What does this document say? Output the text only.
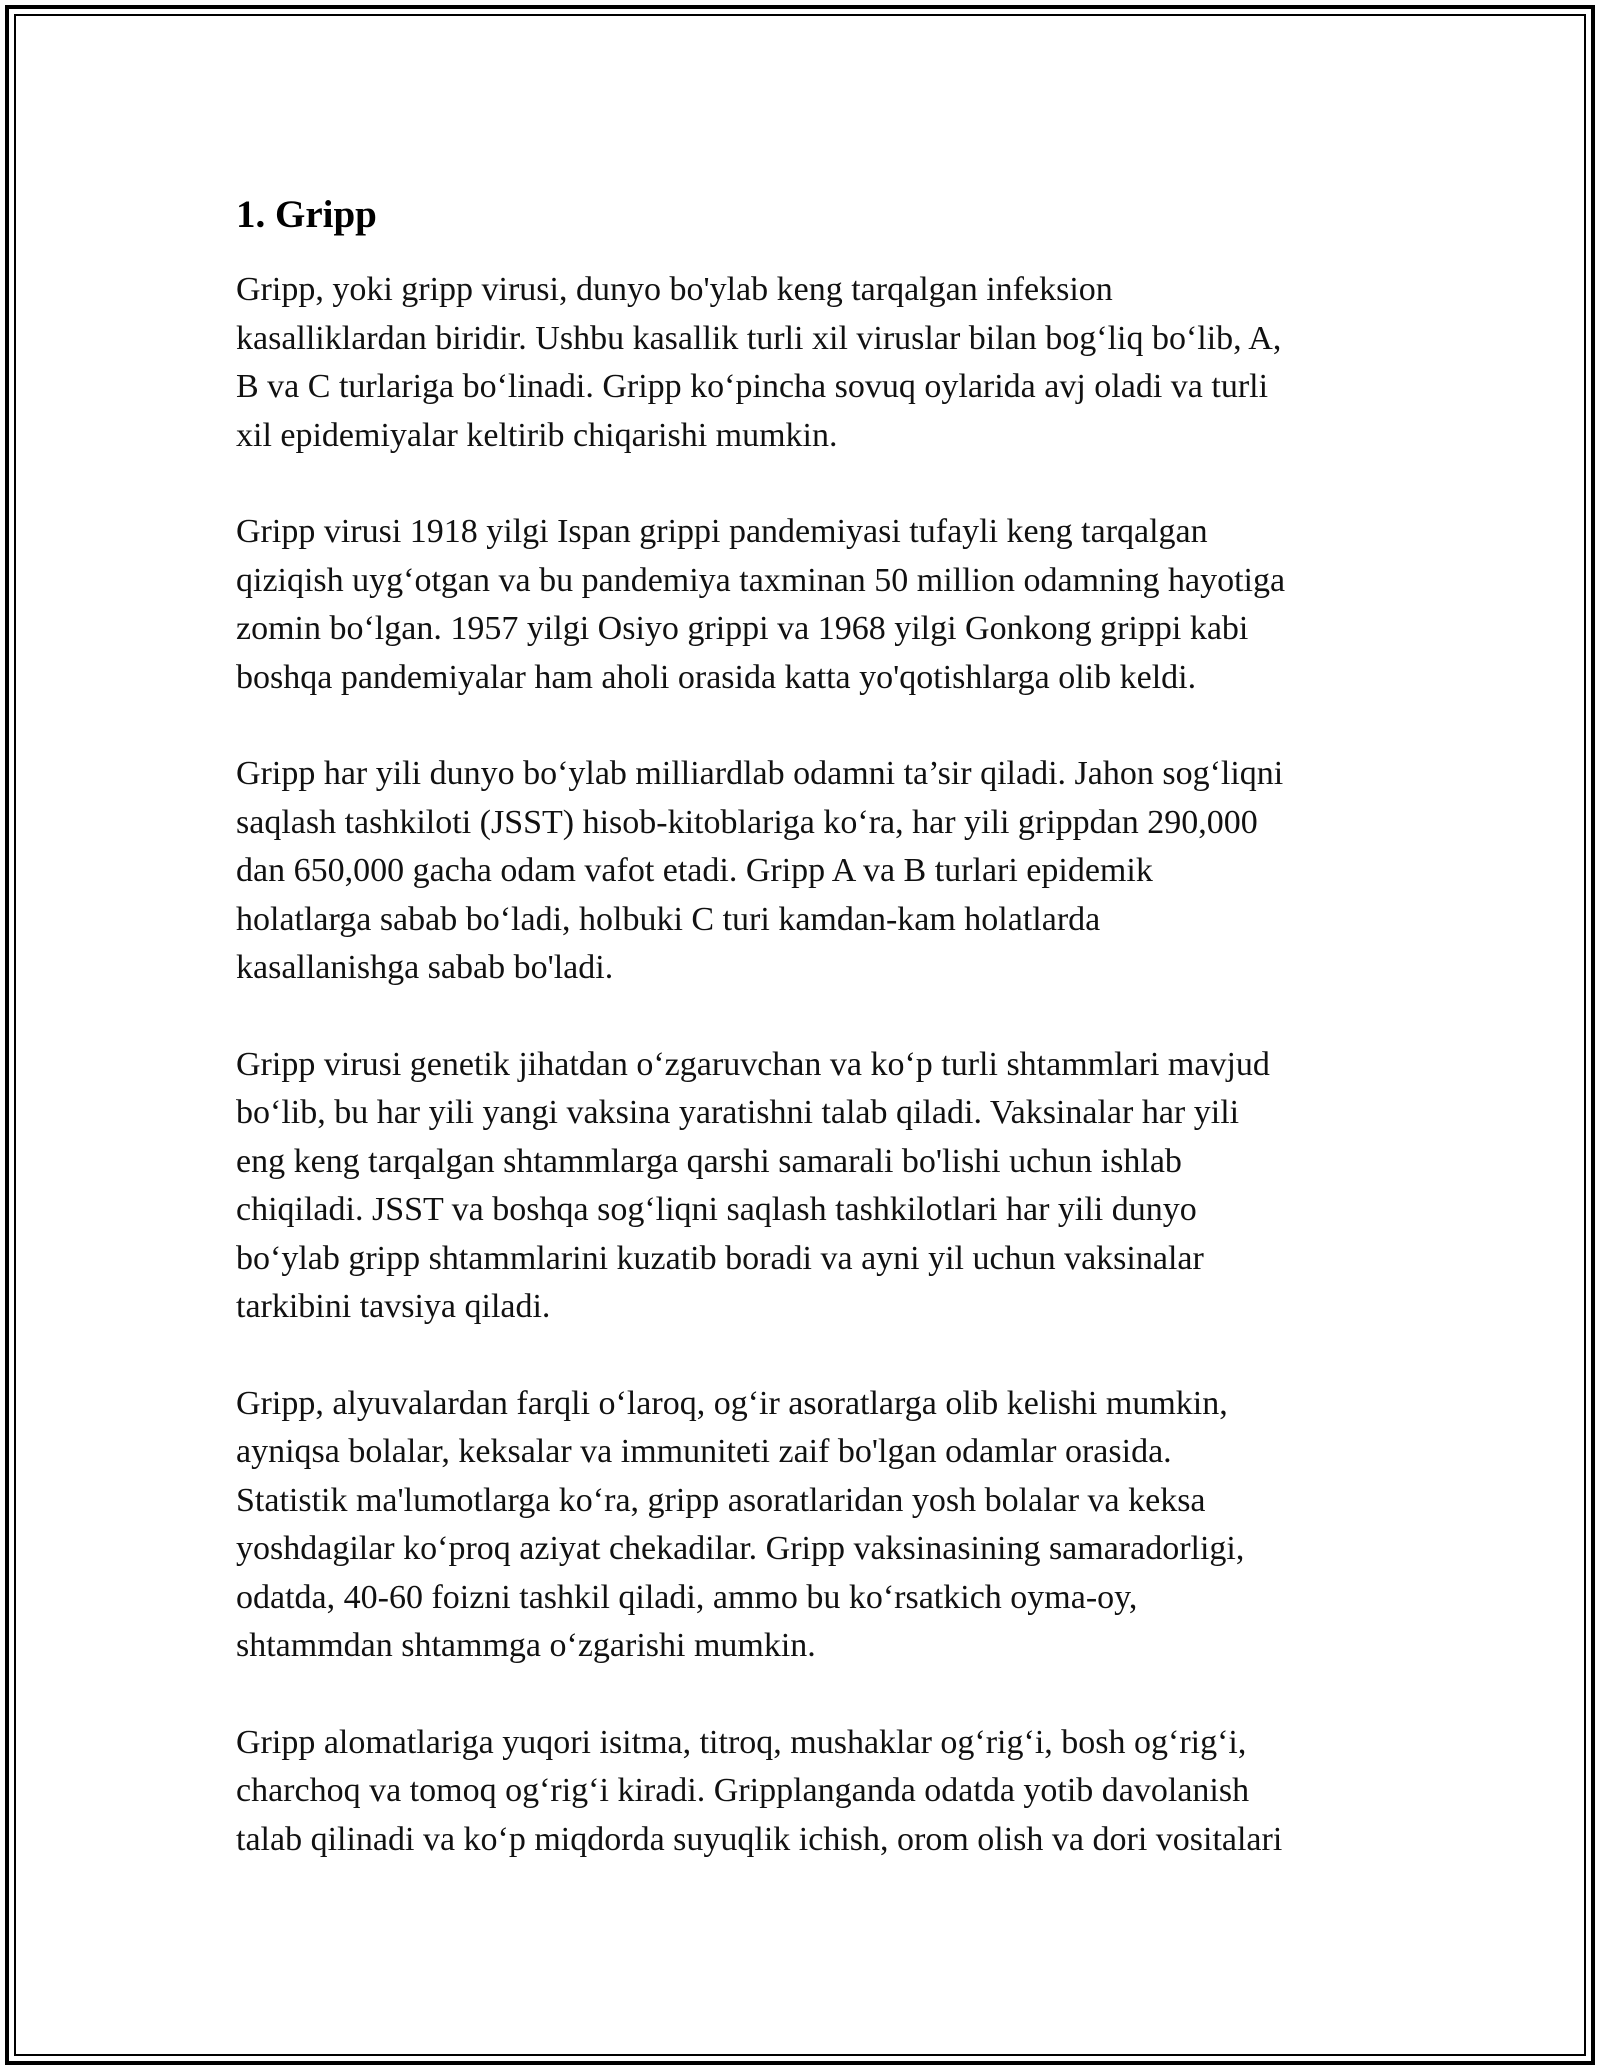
1. Gripp

Gripp, yoki gripp virusi, dunyo bo'ylab keng tarqalgan infeksion
kasalliklardan biridir. Ushbu kasallik turli xil viruslar bilan bog‘liq bo‘lib, A,
B va C turlariga bo‘linadi. Gripp ko‘pincha sovuq oylarida avj oladi va turli
xil epidemiyalar keltirib chiqarishi mumkin.

Gripp virusi 1918 yilgi Ispan grippi pandemiyasi tufayli keng tarqalgan
qiziqish uyg‘otgan va bu pandemiya taxminan 50 million odamning hayotiga
zomin bo‘lgan. 1957 yilgi Osiyo grippi va 1968 yilgi Gonkong grippi kabi
boshqa pandemiyalar ham aholi orasida katta yo'qotishlarga olib keldi.

Gripp har yili dunyo bo‘ylab milliardlab odamni ta’sir qiladi. Jahon sog‘liqni
saqlash tashkiloti (JSST) hisob-kitoblariga ko‘ra, har yili grippdan 290,000
dan 650,000 gacha odam vafot etadi. Gripp A va B turlari epidemik
holatlarga sabab bo‘ladi, holbuki C turi kamdan-kam holatlarda
kasallanishga sabab bo'ladi.

Gripp virusi genetik jihatdan o‘zgaruvchan va ko‘p turli shtammlari mavjud
bo‘lib, bu har yili yangi vaksina yaratishni talab qiladi. Vaksinalar har yili
eng keng tarqalgan shtammlarga qarshi samarali bo'lishi uchun ishlab
chiqiladi. JSST va boshqa sog‘liqni saqlash tashkilotlari har yili dunyo
bo‘ylab gripp shtammlarini kuzatib boradi va ayni yil uchun vaksinalar
tarkibini tavsiya qiladi.

Gripp, alyuvalardan farqli o‘laroq, og‘ir asoratlarga olib kelishi mumkin,
ayniqsa bolalar, keksalar va immuniteti zaif bo'lgan odamlar orasida.
Statistik ma'lumotlarga ko‘ra, gripp asoratlaridan yosh bolalar va keksa
yoshdagilar ko‘proq aziyat chekadilar. Gripp vaksinasining samaradorligi,
odatda, 40-60 foizni tashkil qiladi, ammo bu ko‘rsatkich oyma-oy,
shtammdan shtammga o‘zgarishi mumkin.

Gripp alomatlariga yuqori isitma, titroq, mushaklar og‘rig‘i, bosh og‘rig‘i,
charchoq va tomoq og‘rig‘i kiradi. Gripplanganda odatda yotib davolanish
talab qilinadi va ko‘p miqdorda suyuqlik ichish, orom olish va dori vositalari
